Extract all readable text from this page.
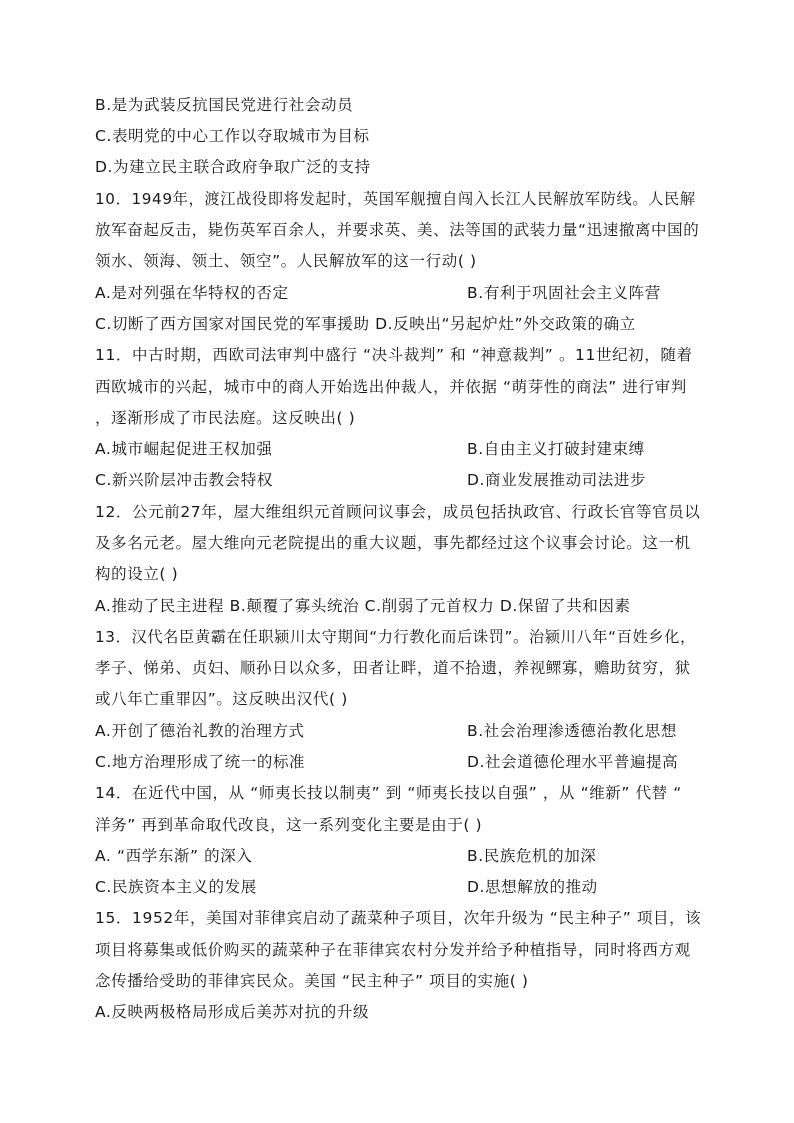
B.是为武装反抗国民党进行社会动员
C.表明党的中心工作以夺取城市为目标
D.为建立民主联合政府争取广泛的支持
10．1949年，渡江战役即将发起时，英国军舰擅自闯入长江人民解放军防线。人民解
放军奋起反击，毙伤英军百余人，并要求英、美、法等国的武装力量“迅速撤离中国的
领水、领海、领土、领空”。人民解放军的这一行动( )
A.是对列强在华特权的否定	B.有利于巩固社会主义阵营
C.切断了西方国家对国民党的军事援助 D.反映出“另起炉灶”外交政策的确立
11．中古时期，西欧司法审判中盛行 “决斗裁判” 和 “神意裁判” 。11世纪初，随着
西欧城市的兴起，城市中的商人开始选出仲裁人，并依据 “萌芽性的商法” 进行审判
，逐渐形成了市民法庭。这反映出( )
A.城市崛起促进王权加强	B.自由主义打破封建束缚
C.新兴阶层冲击教会特权	D.商业发展推动司法进步
12．公元前27年，屋大维组织元首顾问议事会，成员包括执政官、行政长官等官员以
及多名元老。屋大维向元老院提出的重大议题，事先都经过这个议事会讨论。这一机
构的设立( )
A.推动了民主进程 B.颠覆了寡头统治 C.削弱了元首权力 D.保留了共和因素
13．汉代名臣黄霸在任职颍川太守期间“力行教化而后诛罚”。治颍川八年“百姓乡化，
孝子、悌弟、贞妇、顺孙日以众多，田者让畔，道不拾遗，养视鳏寡，赡助贫穷，狱
或八年亡重罪囚”。这反映出汉代( )
A.开创了德治礼教的治理方式	B.社会治理渗透德治教化思想
C.地方治理形成了统一的标准	D.社会道德伦理水平普遍提高
14．在近代中国，从 “师夷长技以制夷” 到 “师夷长技以自强” ，从 “维新” 代替 “
洋务” 再到革命取代改良，这一系列变化主要是由于( )
A. “西学东渐” 的深入	B.民族危机的加深
C.民族资本主义的发展	D.思想解放的推动
15．1952年，美国对菲律宾启动了蔬菜种子项目，次年升级为 “民主种子” 项目，该
项目将募集或低价购买的蔬菜种子在菲律宾农村分发并给予种植指导，同时将西方观
念传播给受助的菲律宾民众。美国 “民主种子” 项目的实施( )
A.反映两极格局形成后美苏对抗的升级
